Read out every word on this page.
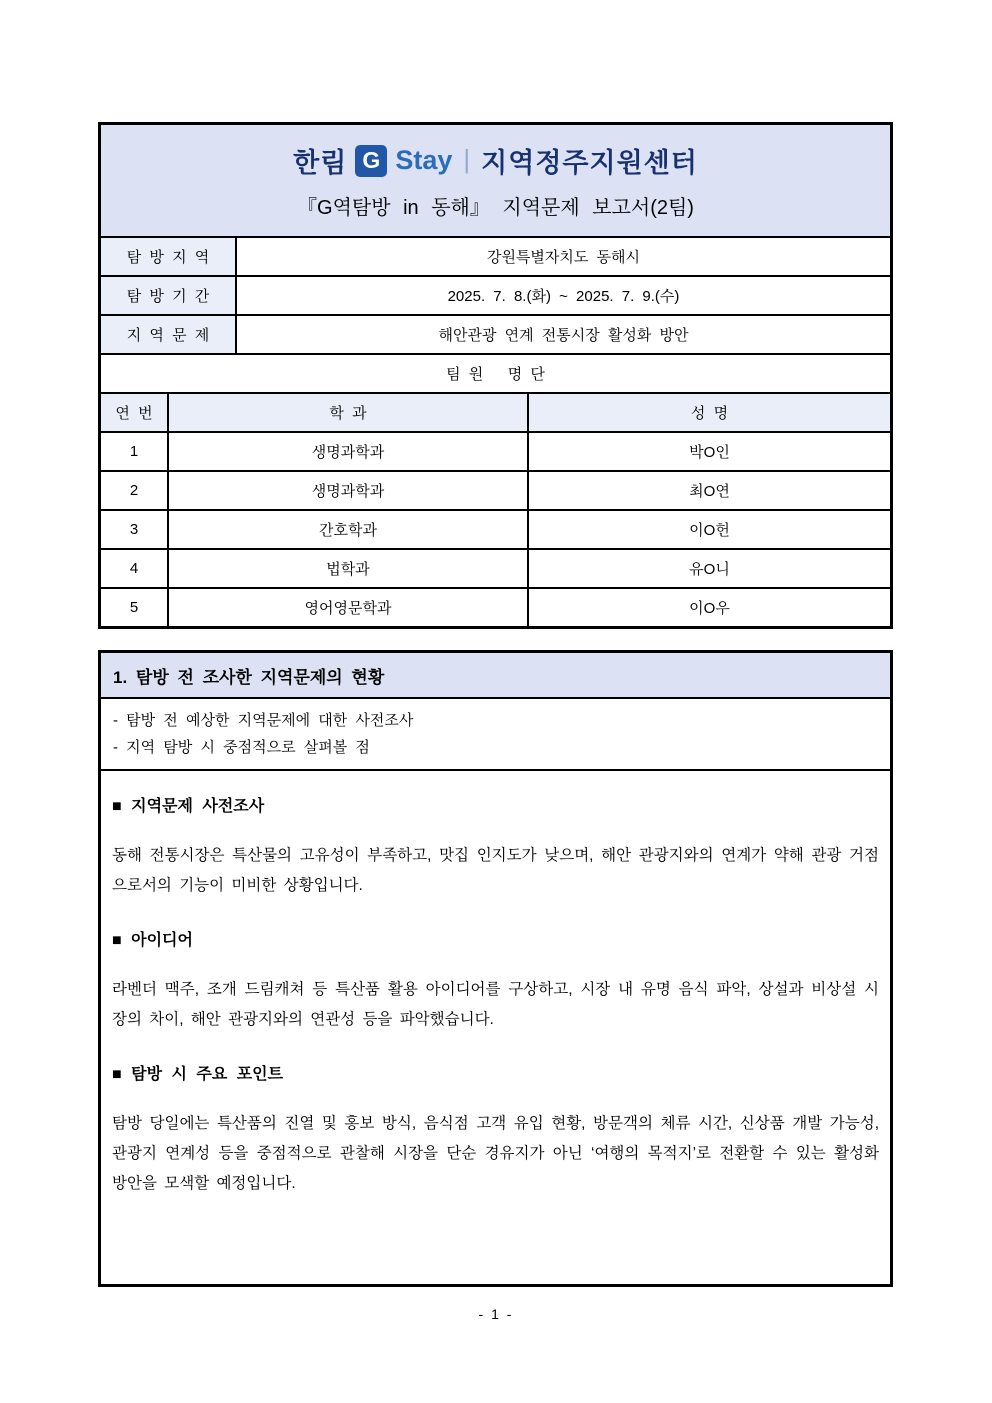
한림 G Stay | 지역정주지원센터
『G역탐방 in 동해』 지역문제 보고서(2팀)
탐 방 지 역	강원특별자치도 동해시
탐 방 기 간	2025. 7. 8.(화) ~ 2025. 7. 9.(수)
지 역 문 제	해안관광 연계 전통시장 활성화 방안
팀 원   명 단
연 번	학 과	성 명
1	생명과학과	박O인
2	생명과학과	최O연
3	간호학과	이O헌
4	법학과	유O니
5	영어영문학과	이O우
1. 탐방 전 조사한 지역문제의 현황
- 탐방 전 예상한 지역문제에 대한 사전조사
- 지역 탐방 시 중점적으로 살펴볼 점
■ 지역문제 사전조사

동해 전통시장은 특산물의 고유성이 부족하고, 맛집 인지도가 낮으며, 해안 관광지와의 연계가 약해 관광 거점으로서의 기능이 미비한 상황입니다.

■ 아이디어

라벤더 맥주, 조개 드림캐쳐 등 특산품 활용 아이디어를 구상하고, 시장 내 유명 음식 파악, 상설과 비상설 시장의 차이, 해안 관광지와의 연관성 등을 파악했습니다.

■ 탐방 시 주요 포인트

탐방 당일에는 특산품의 진열 및 홍보 방식, 음식점 고객 유입 현황, 방문객의 체류 시간, 신상품 개발 가능성, 관광지 연계성 등을 중점적으로 관찰해 시장을 단순 경유지가 아닌 ‘여행의 목적지’로 전환할 수 있는 활성화 방안을 모색할 예정입니다.

- 1 -
